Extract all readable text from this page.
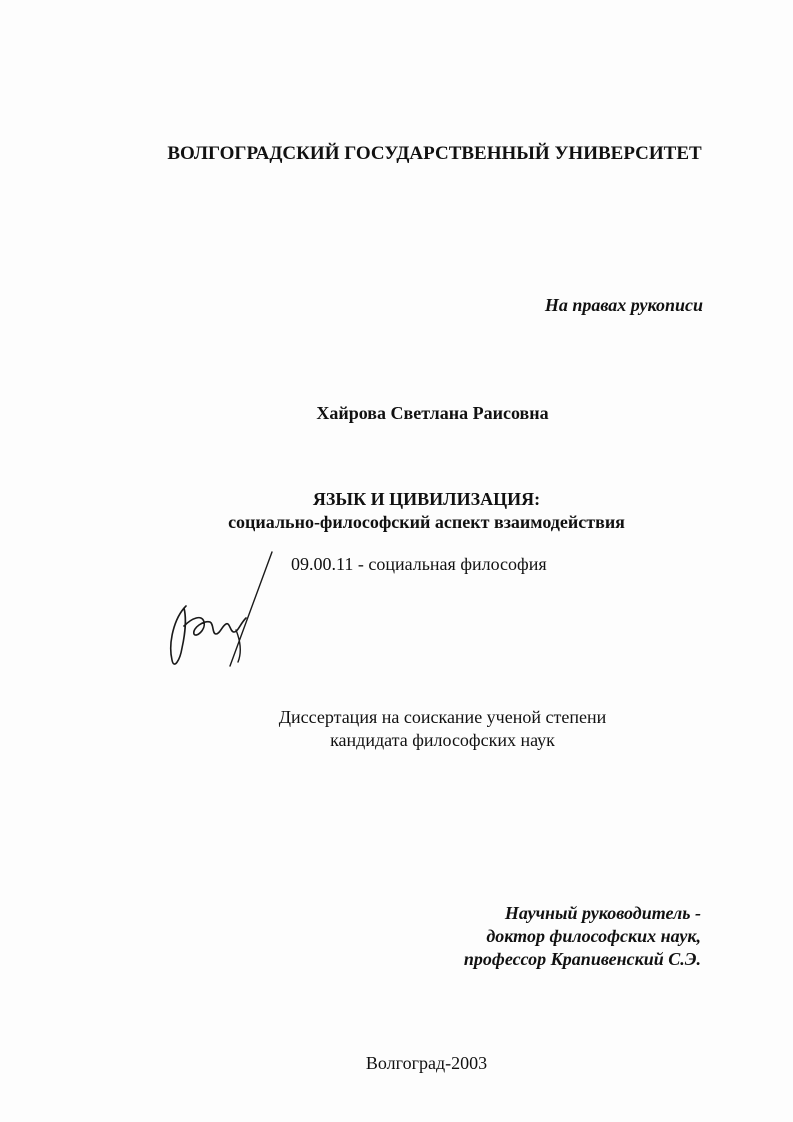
ВОЛГОГРАДСКИЙ ГОСУДАРСТВЕННЫЙ УНИВЕРСИТЕТ
На правах рукописи
Хайрова Светлана Раисовна
ЯЗЫК И ЦИВИЛИЗАЦИЯ:
социально-философский аспект взаимодействия
09.00.11 - социальная философия
Диссертация на соискание ученой степени
кандидата философских наук
Научный руководитель -
доктор философских наук,
профессор Крапивенский С.Э.
Волгоград-2003
